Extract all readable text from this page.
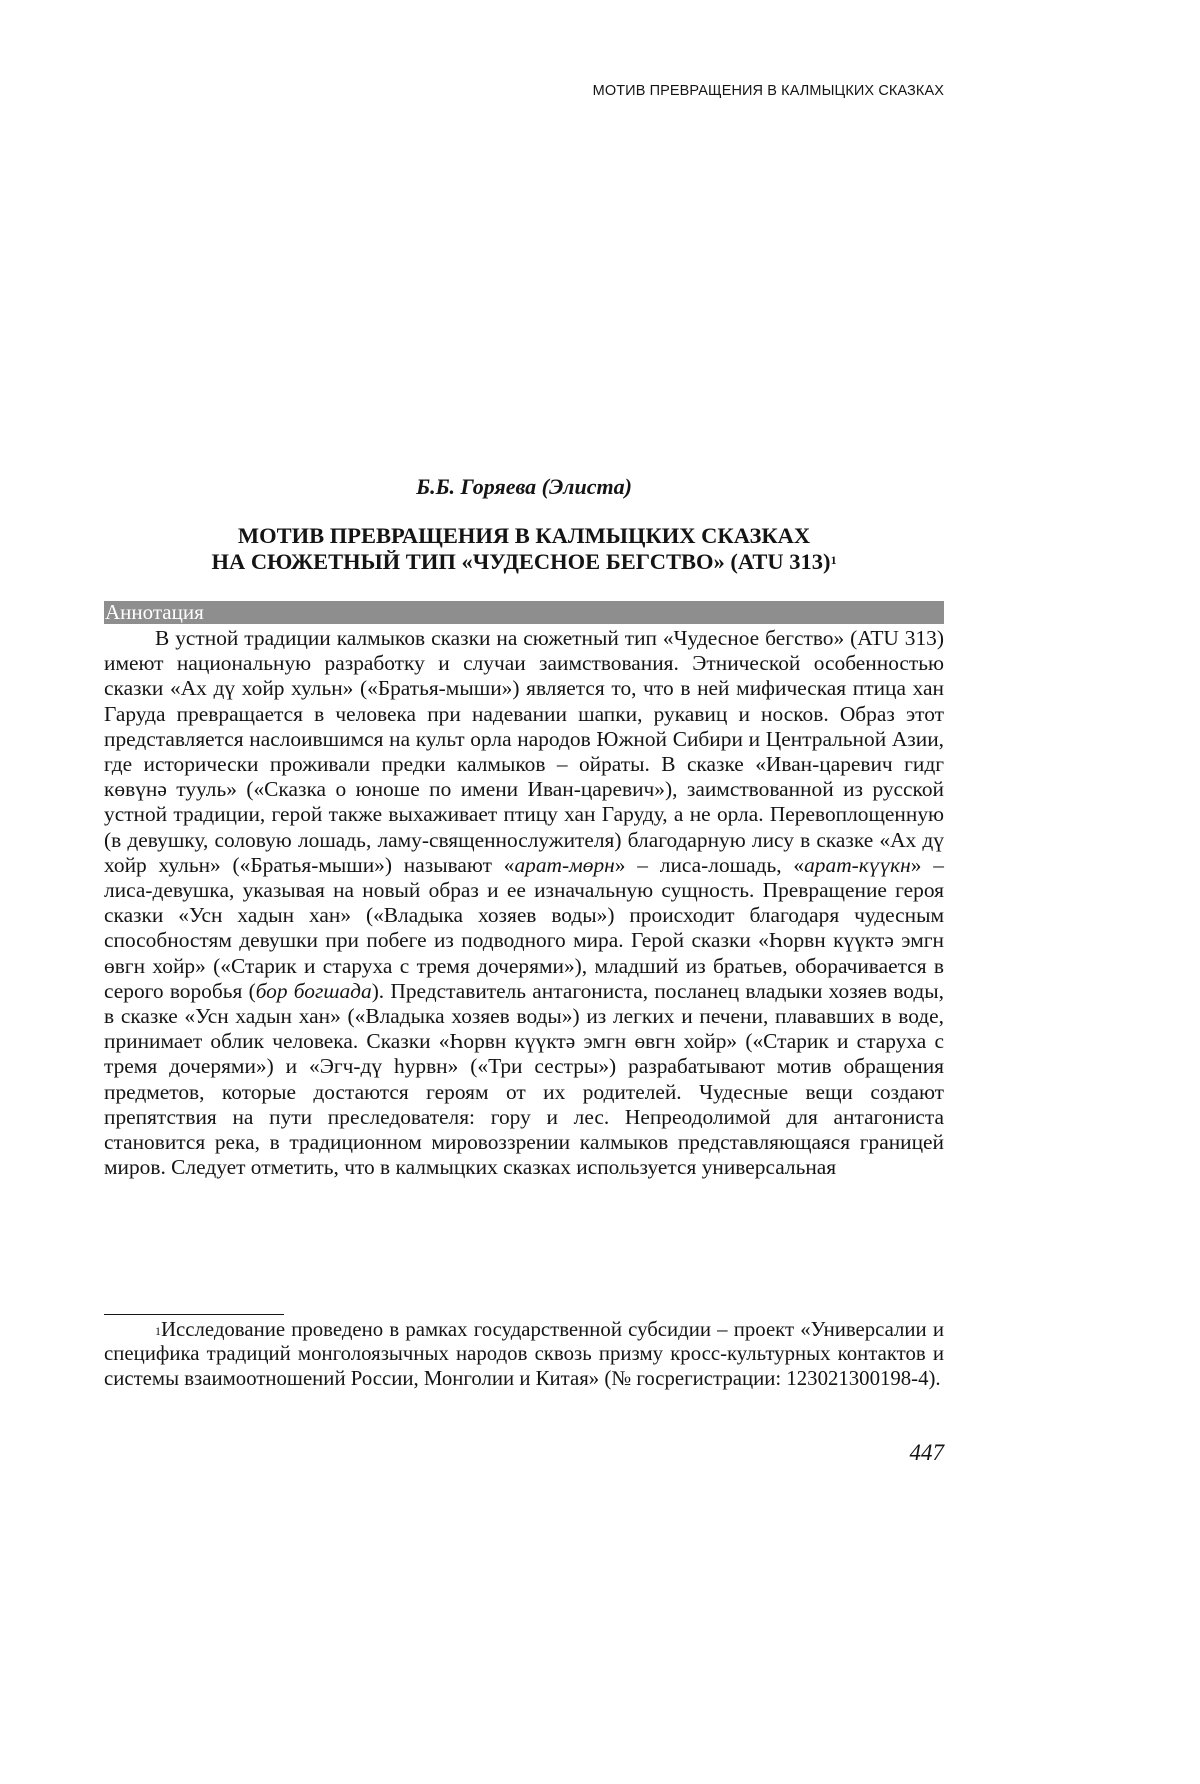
МОТИВ ПРЕВРАЩЕНИЯ В КАЛМЫЦКИХ СКАЗКАХ
Б.Б. Горяева (Элиста)
МОТИВ ПРЕВРАЩЕНИЯ В КАЛМЫЦКИХ СКАЗКАХ
НА СЮЖЕТНЫЙ ТИП «ЧУДЕСНОЕ БЕГСТВО» (ATU 313)$^1$
Аннотация
В устной традиции калмыков сказки на сюжетный тип «Чудесное бегство» (ATU 313) имеют национальную разработку и случаи заимствования. Этнической особенностью сказки «Ах дү хойр хульн» («Братья-мыши») является то, что в ней мифическая птица хан Гаруда превращается в человека при надевании шапки, рукавиц и носков. Образ этот представляется наслоившимся на культ орла народов Южной Сибири и Центральной Азии, где исторически проживали предки калмыков – ойраты. В сказке «Иван-царевич гидг көвүнә тууль» («Сказка о юноше по имени Иван-царевич»), заимствованной из русской устной традиции, герой также выхаживает птицу хан Гаруду, а не орла. Перевоплощенную (в девушку, соловую лошадь, ламу-священнослужителя) благодарную лису в сказке «Ах дү хойр хульн» («Братья-мыши») называют «арат-мөрн» – лиса-лошадь, «арат-күүкн» – лиса-девушка, указывая на новый образ и ее изначальную сущность. Превращение героя сказки «Усн хадын хан» («Владыка хозяев воды») происходит благодаря чудесным способностям девушки при побеге из подводного мира. Герой сказки «Һорвн күүктә эмгн өвгн хойр» («Старик и старуха с тремя дочерями»), младший из братьев, оборачивается в серого воробья (бор богшада). Представитель антагониста, посланец владыки хозяев воды, в сказке «Усн хадын хан» («Владыка хозяев воды») из легких и печени, плававших в воде, принимает облик человека. Сказки «Һорвн күүктә эмгн өвгн хойр» («Старик и старуха с тремя дочерями») и «Эгч-дү һурвн» («Три сестры») разрабатывают мотив обращения предметов, которые достаются героям от их родителей. Чудесные вещи создают препятствия на пути преследователя: гору и лес. Непреодолимой для антагониста становится река, в традиционном мировоззрении калмыков представляющаяся границей миров. Следует отметить, что в калмыцких сказках используется универсальная
$^1$Исследование проведено в рамках государственной субсидии – проект «Универсалии и специфика традиций монголоязычных народов сквозь призму кросс-культурных контактов и системы взаимоотношений России, Монголии и Китая» (№ госрегистрации: 123021300198-4).
447
